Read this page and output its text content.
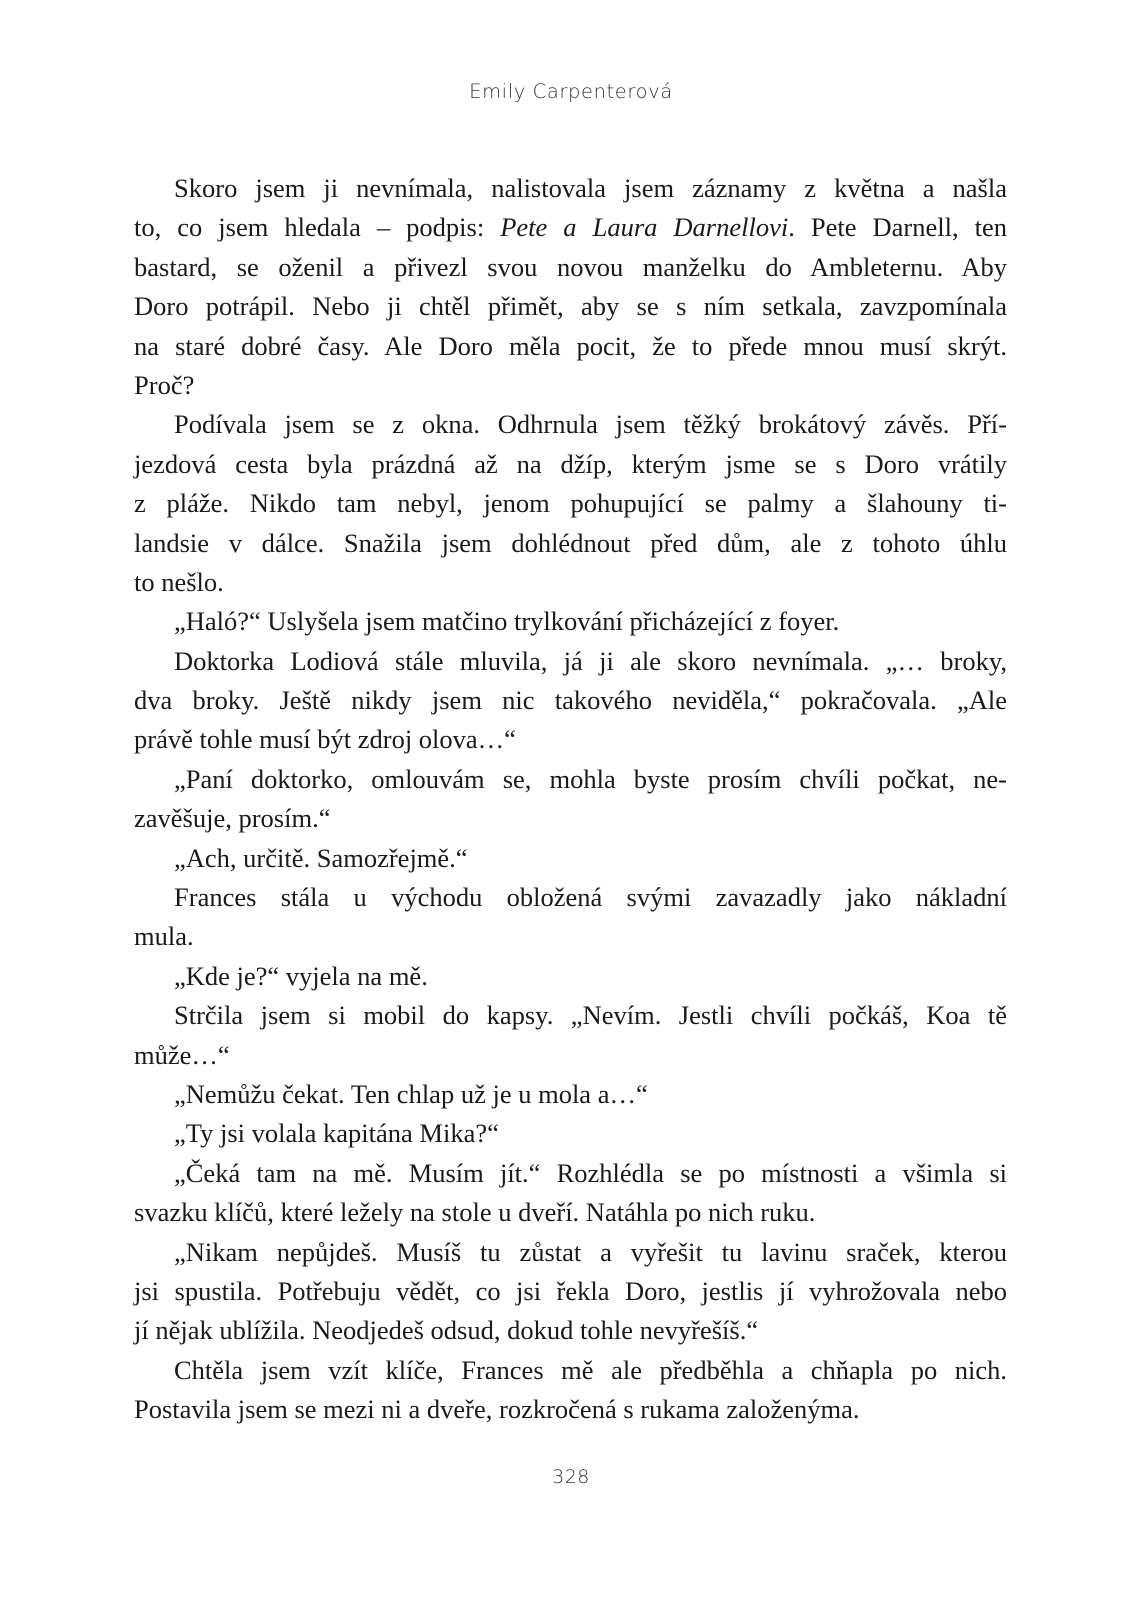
Emily Carpenterová
Skoro jsem ji nevnímala, nalistovala jsem záznamy z května a našla
to, co jsem hledala – podpis: Pete a Laura Darnellovi. Pete Darnell, ten
bastard, se oženil a přivezl svou novou manželku do Ambleternu. Aby
Doro potrápil. Nebo ji chtěl přimět, aby se s ním setkala, zavzpomínala
na staré dobré časy. Ale Doro měla pocit, že to přede mnou musí skrýt.
Proč?
Podívala jsem se z okna. Odhrnula jsem těžký brokátový závěs. Pří-
jezdová cesta byla prázdná až na džíp, kterým jsme se s Doro vrátily
z pláže. Nikdo tam nebyl, jenom pohupující se palmy a šlahouny ti-
landsie v dálce. Snažila jsem dohlédnout před dům, ale z tohoto úhlu
to nešlo.
„Haló?“ Uslyšela jsem matčino trylkování přicházející z foyer.
Doktorka Lodiová stále mluvila, já ji ale skoro nevnímala. „… broky,
dva broky. Ještě nikdy jsem nic takového neviděla,“ pokračovala. „Ale
právě tohle musí být zdroj olova…“
„Paní doktorko, omlouvám se, mohla byste prosím chvíli počkat, ne-
zavěšuje, prosím.“
„Ach, určitě. Samozřejmě.“
Frances stála u východu obložená svými zavazadly jako nákladní
mula.
„Kde je?“ vyjela na mě.
Strčila jsem si mobil do kapsy. „Nevím. Jestli chvíli počkáš, Koa tě
může…“
„Nemůžu čekat. Ten chlap už je u mola a…“
„Ty jsi volala kapitána Mika?“
„Čeká tam na mě. Musím jít.“ Rozhlédla se po místnosti a všimla si
svazku klíčů, které ležely na stole u dveří. Natáhla po nich ruku.
„Nikam nepůjdeš. Musíš tu zůstat a vyřešit tu lavinu sraček, kterou
jsi spustila. Potřebuju vědět, co jsi řekla Doro, jestlis jí vyhrožovala nebo
jí nějak ublížila. Neodjedeš odsud, dokud tohle nevyřešíš.“
Chtěla jsem vzít klíče, Frances mě ale předběhla a chňapla po nich.
Postavila jsem se mezi ni a dveře, rozkročená s rukama založenýma.
328
